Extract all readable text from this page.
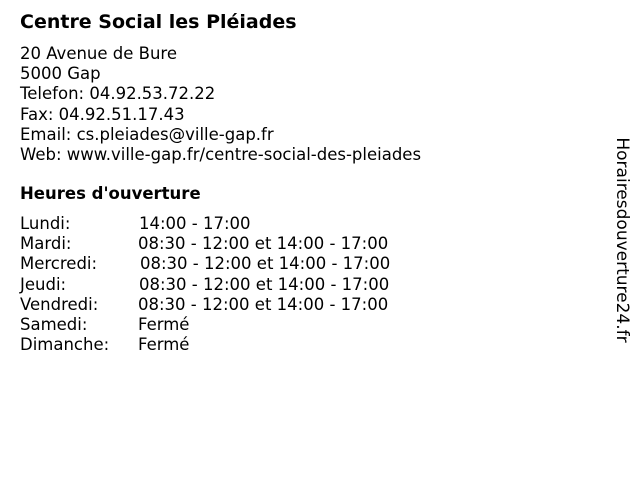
Centre Social les Pléiades
20 Avenue de Bure
5000 Gap
Telefon: 04.92.53.72.22
Fax: 04.92.51.17.43
Email: cs.pleiades@ville-gap.fr
Web: www.ville-gap.fr/centre-social-des-pleiades
Heures d'ouverture
Lundi:	14:00 - 17:00
Mardi:	08:30 - 12:00 et 14:00 - 17:00
Mercredi:	08:30 - 12:00 et 14:00 - 17:00
Jeudi:	08:30 - 12:00 et 14:00 - 17:00
Vendredi: 08:30 - 12:00 et 14:00 - 17:00
Samedi:	Fermé
Dimanche: Fermé
Horairesdouverture24.fr
